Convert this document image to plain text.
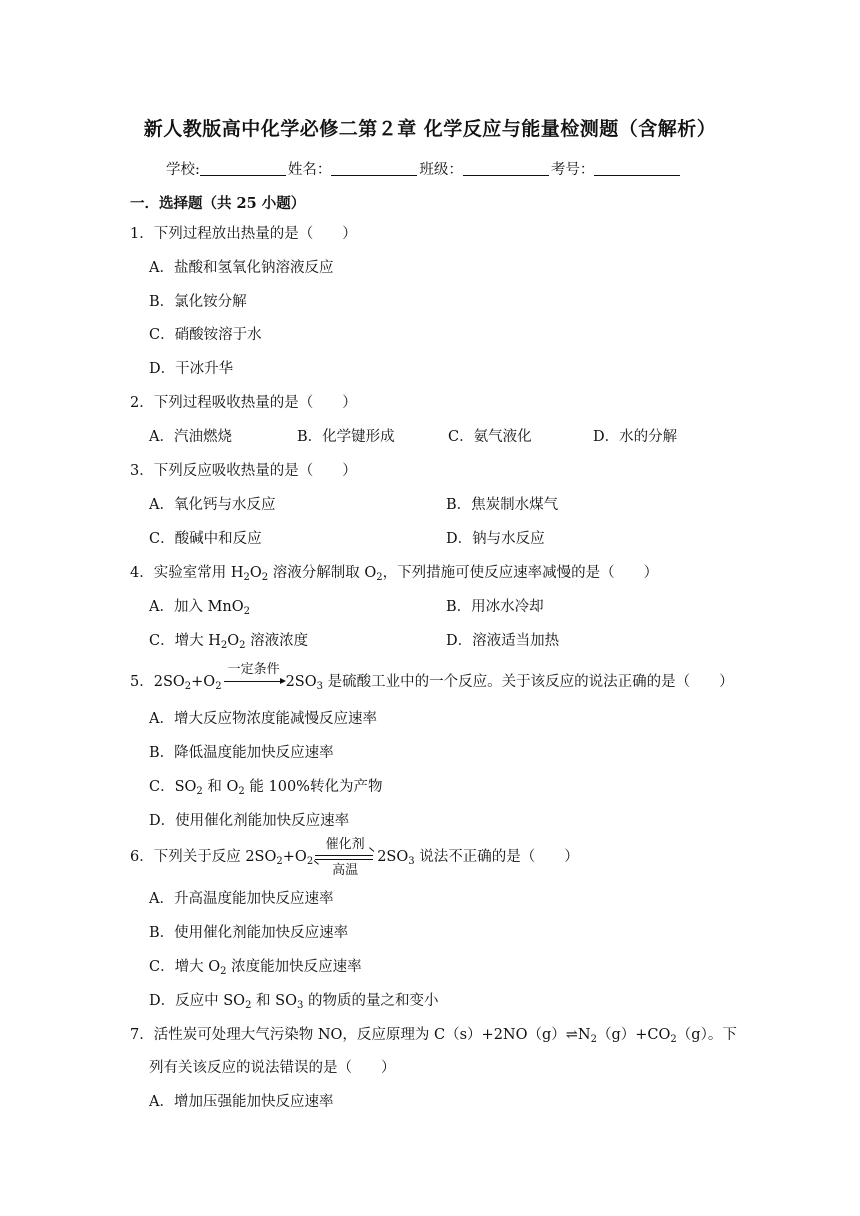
新人教版高中化学必修二第２章 化学反应与能量检测题（含解析）
学校:	姓名：	班级：	考号：
一．选择题（共 25 小题）
1．下列过程放出热量的是（　　）
A．盐酸和氢氧化钠溶液反应
B．氯化铵分解
C．硝酸铵溶于水
D．干冰升华
2．下列过程吸收热量的是（　　）
A．汽油燃烧	B．化学键形成	C．氨气液化	D．水的分解
3．下列反应吸收热量的是（　　）
A．氧化钙与水反应	B．焦炭制水煤气
C．酸碱中和反应	D．钠与水反应
4．实验室常用 $H_2O_2$ 溶液分解制取 $O_2$，下列措施可使反应速率减慢的是（　　）
A．加入 MnO$_2$	B．用冰水冷却
C．增大 $H_2O_2$ 溶液浓度	D．溶液适当加热
5．$2SO_2+O_2$
一定条件
$2SO_3$ 是硫酸工业中的一个反应。关于该反应的说法正确的是（　　）
A．增大反应物浓度能减慢反应速率
B．降低温度能加快反应速率
C．$SO_2$ 和 $O_2$ 能 100%转化为产物
D．使用催化剂能加快反应速率
6．下列关于反应 $2SO_2+O_2$
催化剂
高温
$2SO_3$ 说法不正确的是（　　）
A．升高温度能加快反应速率
B．使用催化剂能加快反应速率
C．增大 $O_2$ 浓度能加快反应速率
D．反应中 $SO_2$ 和 $SO_3$ 的物质的量之和变小
7．活性炭可处理大气污染物 NO，反应原理为 $C(s)+2NO(g)\rightleftharpoons N_2(g)+CO_2(g)$。下
列有关该反应的说法错误的是（　　）
A．增加压强能加快反应速率
